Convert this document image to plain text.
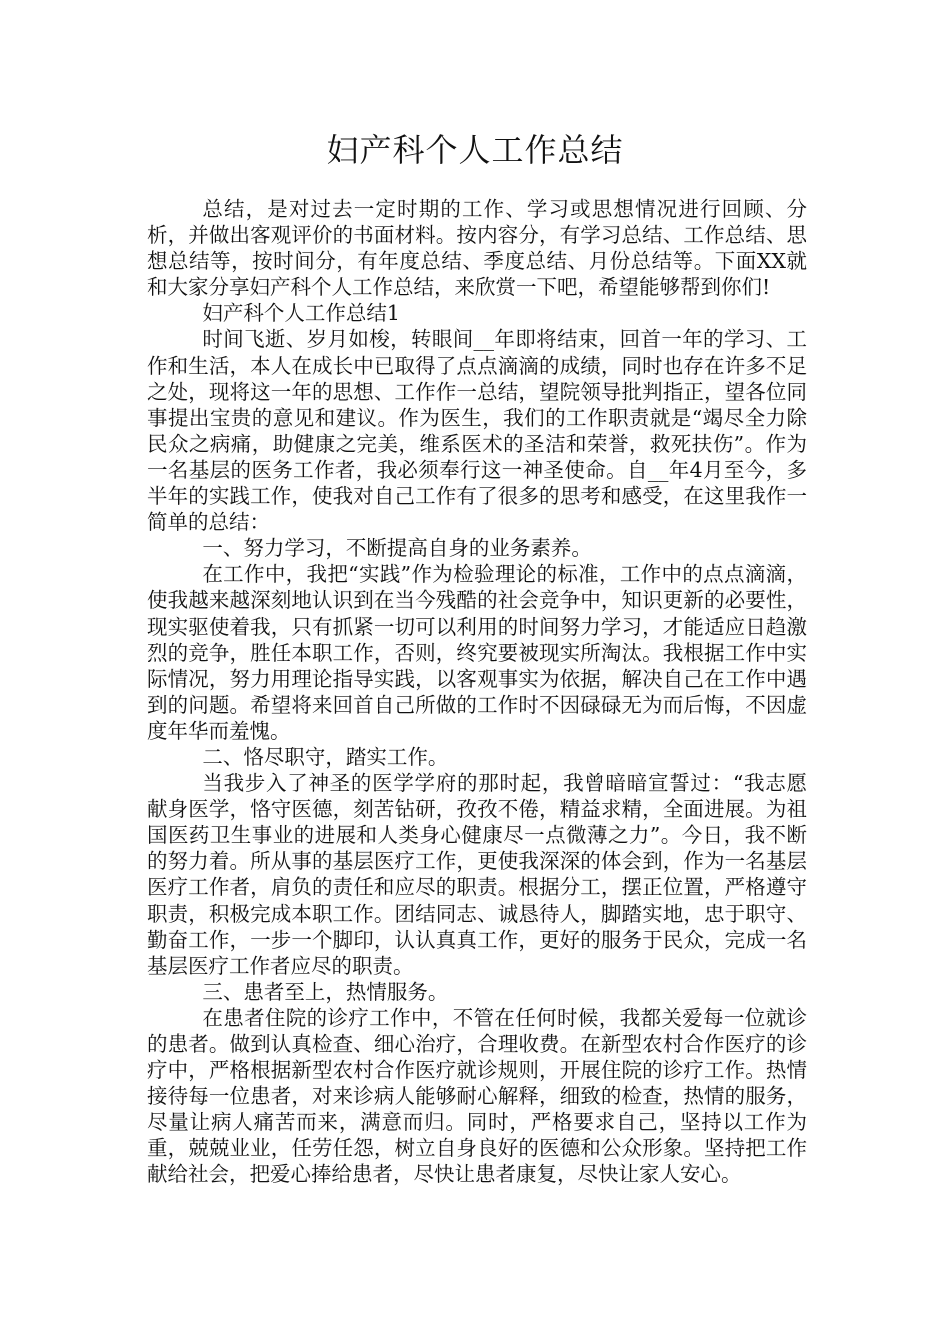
妇产科个人工作总结

总结，是对过去一定时期的工作、学习或思想情况进行回顾、分析，并做出客观评价的书面材料。按内容分，有学习总结、工作总结、思想总结等，按时间分，有年度总结、季度总结、月份总结等。下面XX就和大家分享妇产科个人工作总结，来欣赏一下吧，希望能够帮到你们!

妇产科个人工作总结1

时间飞逝、岁月如梭，转眼间__年即将结束，回首一年的学习、工作和生活，本人在成长中已取得了点点滴滴的成绩，同时也存在许多不足之处，现将这一年的思想、工作作一总结，望院领导批判指正，望各位同事提出宝贵的意见和建议。作为医生，我们的工作职责就是“竭尽全力除民众之病痛，助健康之完美，维系医术的圣洁和荣誉，救死扶伤”。作为一名基层的医务工作者，我必须奉行这一神圣使命。自__年4月至今，多半年的实践工作，使我对自己工作有了很多的思考和感受，在这里我作一简单的总结：

一、努力学习，不断提高自身的业务素养。

在工作中，我把“实践”作为检验理论的标准，工作中的点点滴滴，使我越来越深刻地认识到在当今残酷的社会竞争中，知识更新的必要性，现实驱使着我，只有抓紧一切可以利用的时间努力学习，才能适应日趋激烈的竞争，胜任本职工作，否则，终究要被现实所淘汰。我根据工作中实际情况，努力用理论指导实践，以客观事实为依据，解决自己在工作中遇到的问题。希望将来回首自己所做的工作时不因碌碌无为而后悔，不因虚度年华而羞愧。

二、恪尽职守，踏实工作。

当我步入了神圣的医学学府的那时起，我曾暗暗宣誓过：“我志愿献身医学，恪守医德，刻苦钻研，孜孜不倦，精益求精，全面进展。为祖国医药卫生事业的进展和人类身心健康尽一点微薄之力”。今日，我不断的努力着。所从事的基层医疗工作，更使我深深的体会到，作为一名基层医疗工作者，肩负的责任和应尽的职责。根据分工，摆正位置，严格遵守职责，积极完成本职工作。团结同志、诚恳待人，脚踏实地，忠于职守、勤奋工作，一步一个脚印，认认真真工作，更好的服务于民众，完成一名基层医疗工作者应尽的职责。

三、患者至上，热情服务。

在患者住院的诊疗工作中，不管在任何时候，我都关爱每一位就诊的患者。做到认真检查、细心治疗，合理收费。在新型农村合作医疗的诊疗中，严格根据新型农村合作医疗就诊规则，开展住院的诊疗工作。热情接待每一位患者，对来诊病人能够耐心解释，细致的检查，热情的服务，尽量让病人痛苦而来，满意而归。同时，严格要求自己，坚持以工作为重，兢兢业业，任劳任怨，树立自身良好的医德和公众形象。坚持把工作献给社会，把爱心捧给患者，尽快让患者康复，尽快让家人安心。
